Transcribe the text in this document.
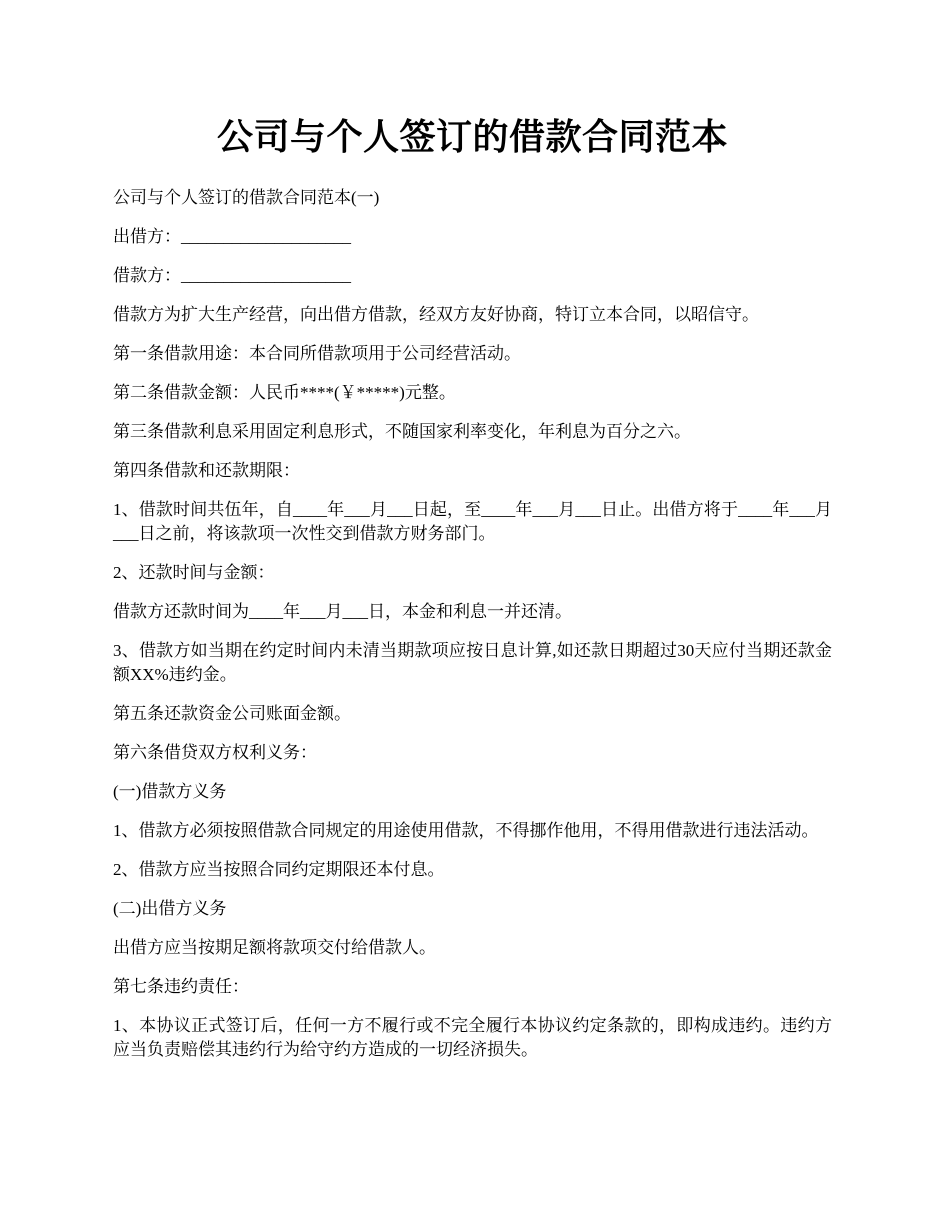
公司与个人签订的借款合同范本

公司与个人签订的借款合同范本(一)

出借方：____________________

借款方：____________________

借款方为扩大生产经营，向出借方借款，经双方友好协商，特订立本合同，以昭信守。

第一条借款用途：本合同所借款项用于公司经营活动。

第二条借款金额：人民币****(￥*****)元整。

第三条借款利息采用固定利息形式，不随国家利率变化，年利息为百分之六。

第四条借款和还款期限：

1、借款时间共伍年，自____年___月___日起，至____年___月___日止。出借方将于____年___月___日之前，将该款项一次性交到借款方财务部门。

2、还款时间与金额：

借款方还款时间为____年___月___日，本金和利息一并还清。

3、借款方如当期在约定时间内未清当期款项应按日息计算,如还款日期超过30天应付当期还款金额XX%违约金。

第五条还款资金公司账面金额。

第六条借贷双方权利义务：

(一)借款方义务

1、借款方必须按照借款合同规定的用途使用借款，不得挪作他用，不得用借款进行违法活动。

2、借款方应当按照合同约定期限还本付息。

(二)出借方义务

出借方应当按期足额将款项交付给借款人。

第七条违约责任：

1、本协议正式签订后，任何一方不履行或不完全履行本协议约定条款的，即构成违约。违约方应当负责赔偿其违约行为给守约方造成的一切经济损失。
